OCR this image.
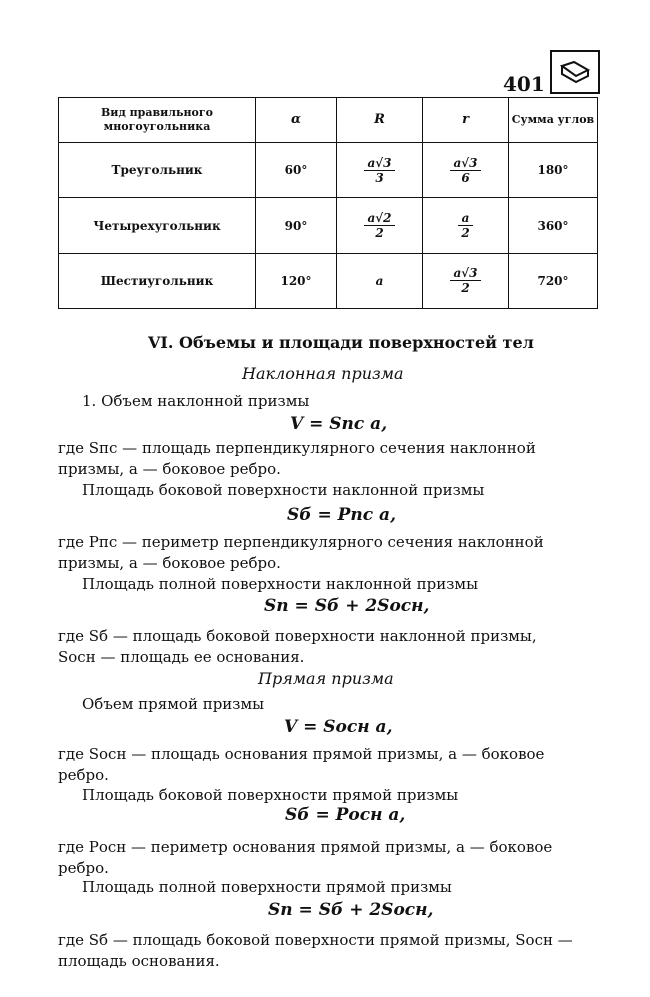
401
Вид правильного многоугольника	α	R	r	Сумма углов
Треугольник	60°	$\frac{a√3}{3}$	$\frac{a√3}{6}$	180°
Четырехугольник	90°	$\frac{a√2}{2}$	$\frac{a}{2}$	360°
Шестиугольник	120°	a	$\frac{a√3}{2}$	720°
VI. Объемы и площади поверхностей тел
Наклонная призма
1. Объем наклонной призмы
V = Sпс a,
где Sпс — площадь перпендикулярного сечения наклонной
призмы, a — боковое ребро.
Площадь боковой поверхности наклонной призмы
Sб = Pпс a,
где Pпс — периметр перпендикулярного сечения наклонной
призмы, a — боковое ребро.
Площадь полной поверхности наклонной призмы
Sп = Sб + 2Sосн,
где Sб — площадь боковой поверхности наклонной призмы,
Sосн — площадь ее основания.
Прямая призма
Объем прямой призмы
V = Sосн a,
где Sосн — площадь основания прямой призмы, a — боковое
ребро.
Площадь боковой поверхности прямой призмы
Sб = Pосн a,
где Pосн — периметр основания прямой призмы, a — боковое
ребро.
Площадь полной поверхности прямой призмы
Sп = Sб + 2Sосн,
где Sб — площадь боковой поверхности прямой призмы, Sосн —
площадь основания.
